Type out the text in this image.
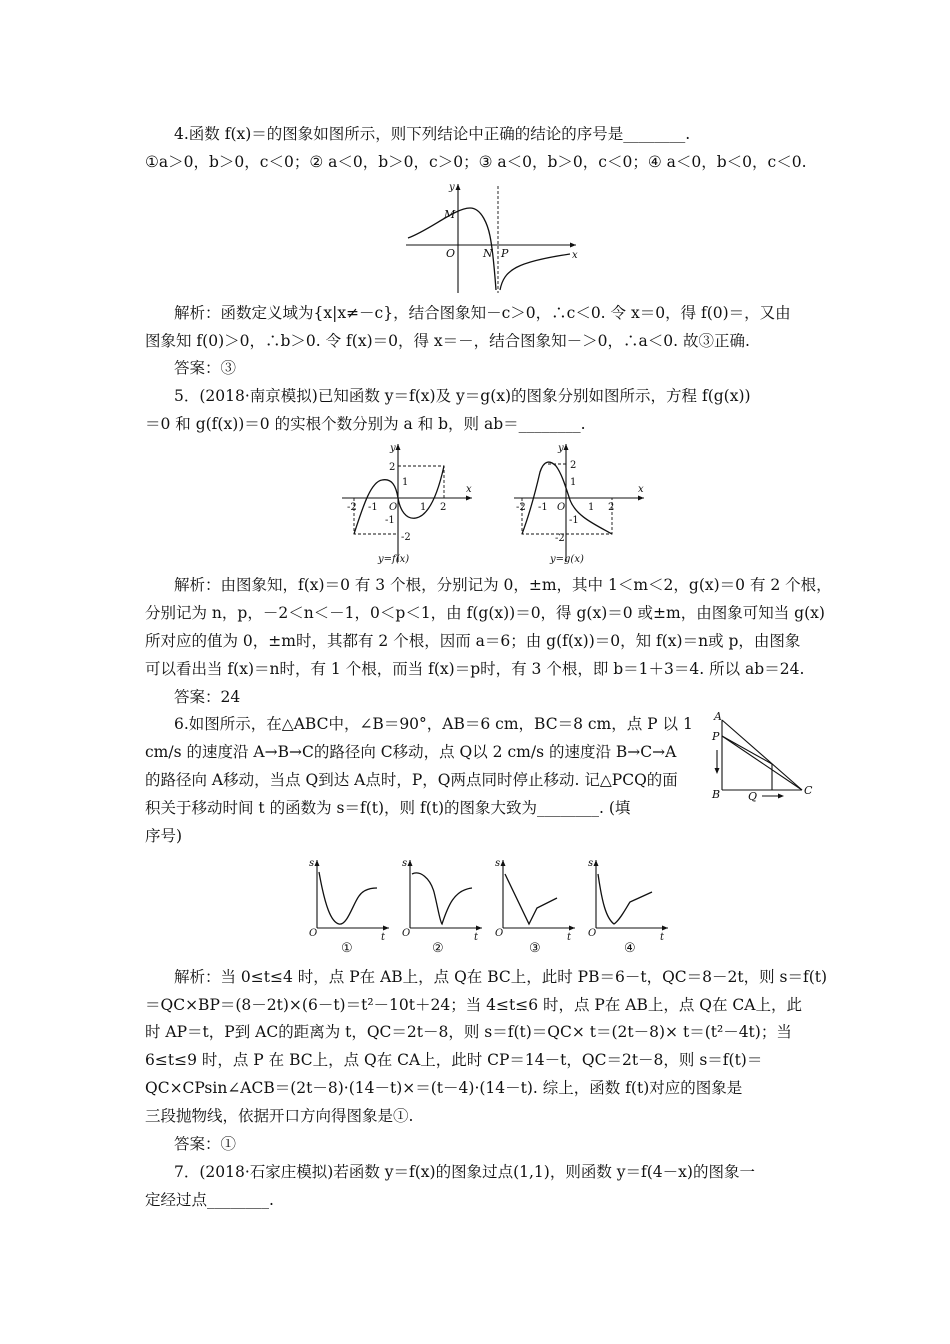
4.函数 f(x)＝的图象如图所示，则下列结论中正确的结论的序号是________.
①a＞0，b＞0，c＜0；② a＜0，b＞0，c＞0；③ a＜0，b＞0，c＜0；④ a＜0，b＜0，c＜0.
y
x
M
O	N P
解析：函数定义域为{x|x≠－c}，结合图象知－c＞0，∴c＜0. 令 x＝0，得 f(0)＝，又由
图象知 f(0)＞0，∴b＞0. 令 f(x)＝0，得 x＝－，结合图象知－＞0，∴a＜0. 故③正确.
答案：③
5．(2018·南京模拟)已知函数 y＝f(x)及 y＝g(x)的图象分别如图所示，方程 f(g(x))
＝0 和 g(f(x))＝0 的实根个数分别为 a 和 b，则 ab＝________.
y
x
O
2
1
-1
-2
-2 -1	1 2
y=f(x)
y
x
O
2
1
-1
-2
-2 -1	1 2
y=g(x)
解析：由图象知，f(x)＝0 有 3 个根，分别记为 0，±m，其中 1＜m＜2，g(x)＝0 有 2 个根，
分别记为 n，p，－2＜n＜－1，0＜p＜1，由 f(g(x))＝0，得 g(x)＝0 或±m，由图象可知当 g(x)
所对应的值为 0，±m时，其都有 2 个根，因而 a＝6；由 g(f(x))＝0，知 f(x)＝n或 p，由图象
可以看出当 f(x)＝n时，有 1 个根，而当 f(x)＝p时，有 3 个根，即 b＝1＋3＝4. 所以 ab＝24.
答案：24
6.如图所示，在△ABC中，∠B＝90°，AB＝6 cm，BC＝8 cm，点 P 以 1
cm/s 的速度沿 A→B→C的路径向 C移动，点 Q以 2 cm/s 的速度沿 B→C→A
的路径向 A移动，当点 Q到达 A点时，P，Q两点同时停止移动. 记△PCQ的面
积关于移动时间 t 的函数为 s＝f(t)，则 f(t)的图象大致为________. (填
序号)
A
P
B	Q	C
s
O	t
①
s
O	t
②
s
O	t
③
s
O	t
④
解析：当 0≤t≤4 时，点 P在 AB上，点 Q在 BC上，此时 PB＝6－t，QC＝8－2t，则 s＝f(t)
＝QC×BP＝(8－2t)×(6－t)＝t²－10t＋24；当 4≤t≤6 时，点 P在 AB上，点 Q在 CA上，此
时 AP＝t，P到 AC的距离为 t，QC＝2t－8，则 s＝f(t)＝QC× t＝(2t－8)× t＝(t²－4t)；当
6≤t≤9 时，点 P 在 BC上，点 Q在 CA上，此时 CP＝14－t，QC＝2t－8，则 s＝f(t)＝
QC×CPsin∠ACB＝(2t－8)·(14－t)×＝(t－4)·(14－t). 综上，函数 f(t)对应的图象是
三段抛物线，依据开口方向得图象是①.
答案：①
7．(2018·石家庄模拟)若函数 y＝f(x)的图象过点(1,1)，则函数 y＝f(4－x)的图象一
定经过点________.
